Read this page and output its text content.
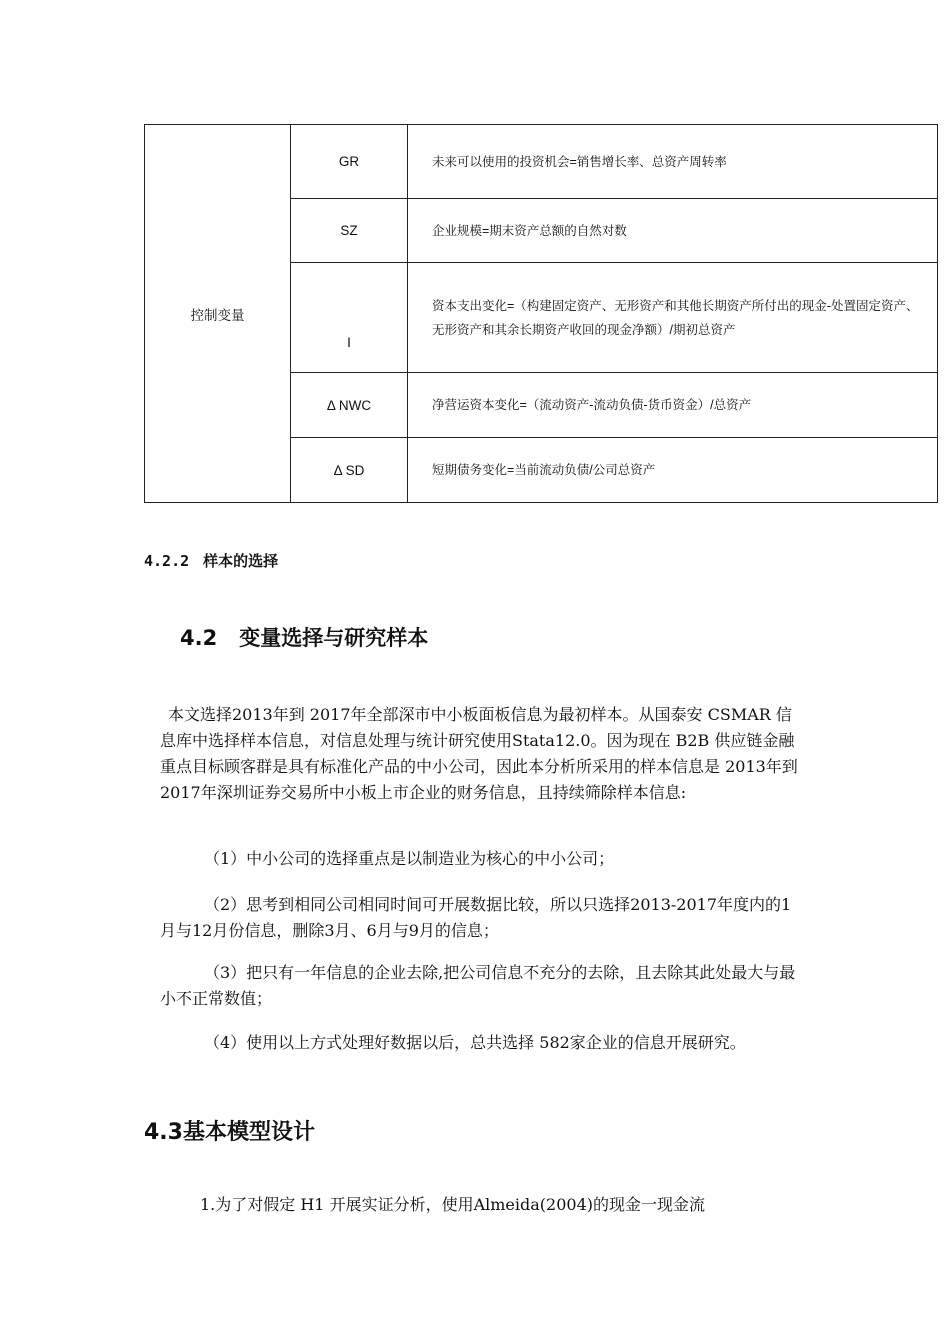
控制变量	GR	未来可以使用的投资机会=销售增长率、总资产周转率
	SZ	企业规模=期末资产总额的自然对数
	I	资本支出变化=（构建固定资产、无形资产和其他长期资产所付出的现金-处置固定资产、无形资产和其余长期资产收回的现金净额）/期初总资产
	Δ NWC	净营运资本变化=（流动资产-流动负债-货币资金）/总资产
	Δ SD	短期债务变化=当前流动负债/公司总资产
4.2.2 样本的选择
4.2 变量选择与研究样本
本文选择2013年到 2017年全部深市中小板面板信息为最初样本。从国泰安 CSMAR 信息库中选择样本信息，对信息处理与统计研究使用Stata12.0。因为现在 B2B 供应链金融重点目标顾客群是具有标准化产品的中小公司，因此本分析所采用的样本信息是 2013年到2017年深圳证券交易所中小板上市企业的财务信息，且持续筛除样本信息:
（1）中小公司的选择重点是以制造业为核心的中小公司；
（2）思考到相同公司相同时间可开展数据比较，所以只选择2013-2017年度内的1月与12月份信息，删除3月、6月与9月的信息；
（3）把只有一年信息的企业去除,把公司信息不充分的去除，且去除其此处最大与最小不正常数值；
（4）使用以上方式处理好数据以后，总共选择 582家企业的信息开展研究。
4.3基本模型设计
1.为了对假定 H1 开展实证分析，使用Almeida(2004)的现金一现金流
